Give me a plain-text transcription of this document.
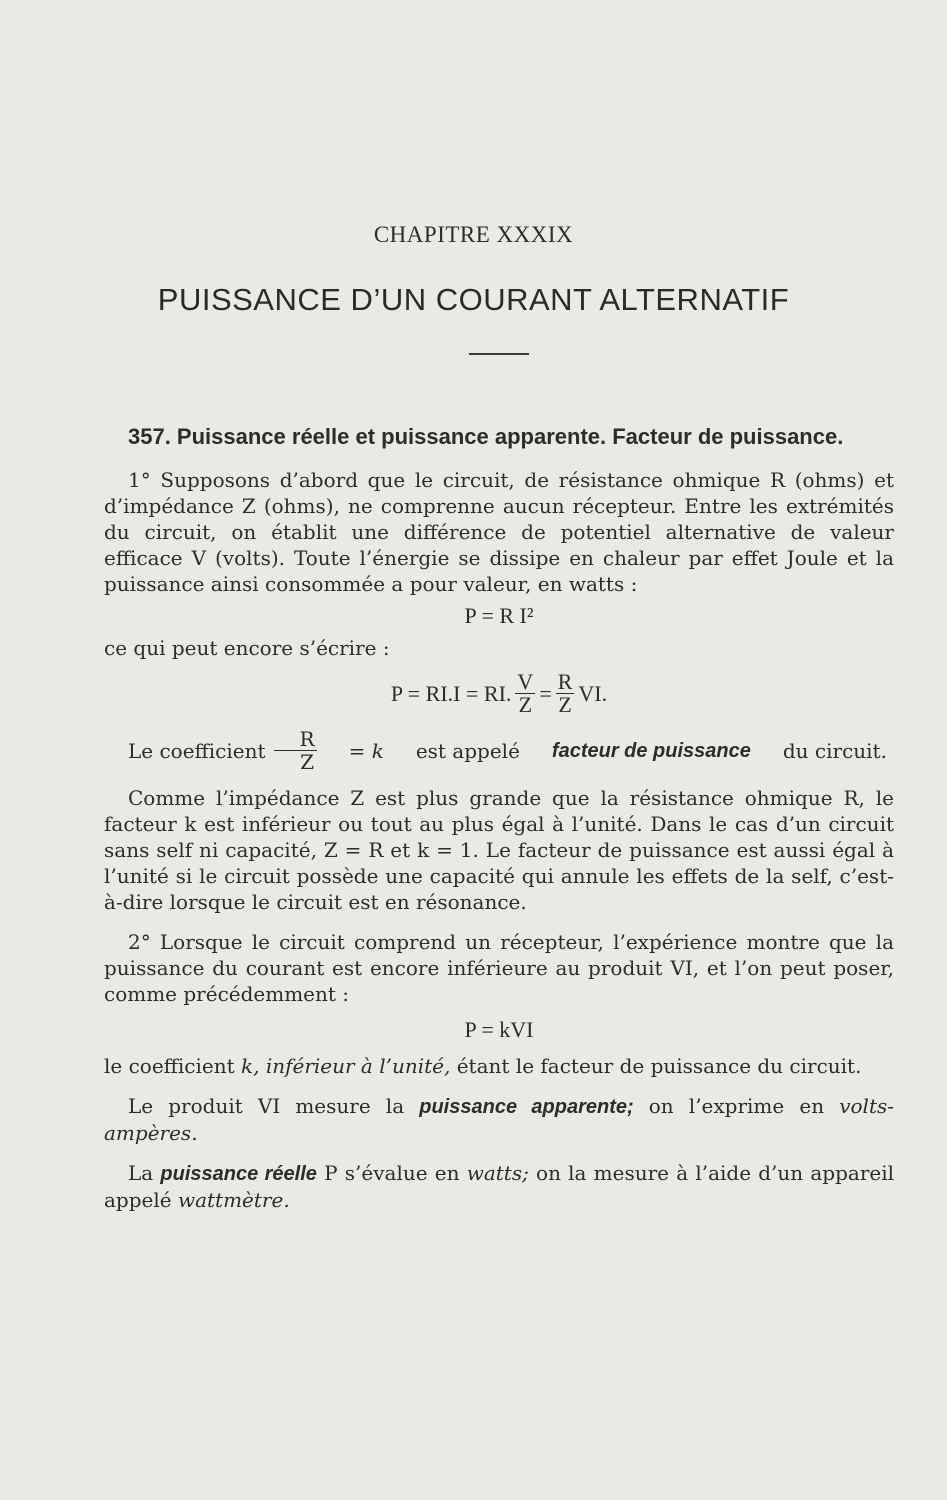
CHAPITRE XXXIX
PUISSANCE D’UN COURANT ALTERNATIF

357. Puissance réelle et puissance apparente. Facteur de puissance.

1° Supposons d’abord que le circuit, de résistance ohmique R (ohms) et d’impédance Z (ohms), ne comprenne aucun récepteur. Entre les extrémités du circuit, on établit une différence de potentiel alternative de valeur efficace V (volts). Toute l’énergie se dissipe en chaleur par effet Joule et la puissance ainsi consommée a pour valeur, en watts :

P = R I²

ce qui peut encore s’écrire :

P = RI.I = RI. $\frac{V}{Z} = \frac{R}{Z}$ VI.
Le coefficient $\frac{R}{Z}$	= k	est appelé	facteur de puissance	du circuit.

Comme l’impédance Z est plus grande que la résistance ohmique R, le facteur k est inférieur ou tout au plus égal à l’unité. Dans le cas d’un circuit sans self ni capacité, Z = R et k = 1. Le facteur de puissance est aussi égal à l’unité si le circuit possède une capacité qui annule les effets de la self, c’est-à-dire lorsque le circuit est en résonance.

2° Lorsque le circuit comprend un récepteur, l’expérience montre que la puissance du courant est encore inférieure au produit VI, et l’on peut poser, comme précédemment :

P = kVI

le coefficient k, inférieur à l’unité, étant le facteur de puissance du circuit.

Le produit VI mesure la puissance apparente; on l’exprime en volts-ampères.

La puissance réelle P s’évalue en watts; on la mesure à l’aide d’un appareil appelé wattmètre.
